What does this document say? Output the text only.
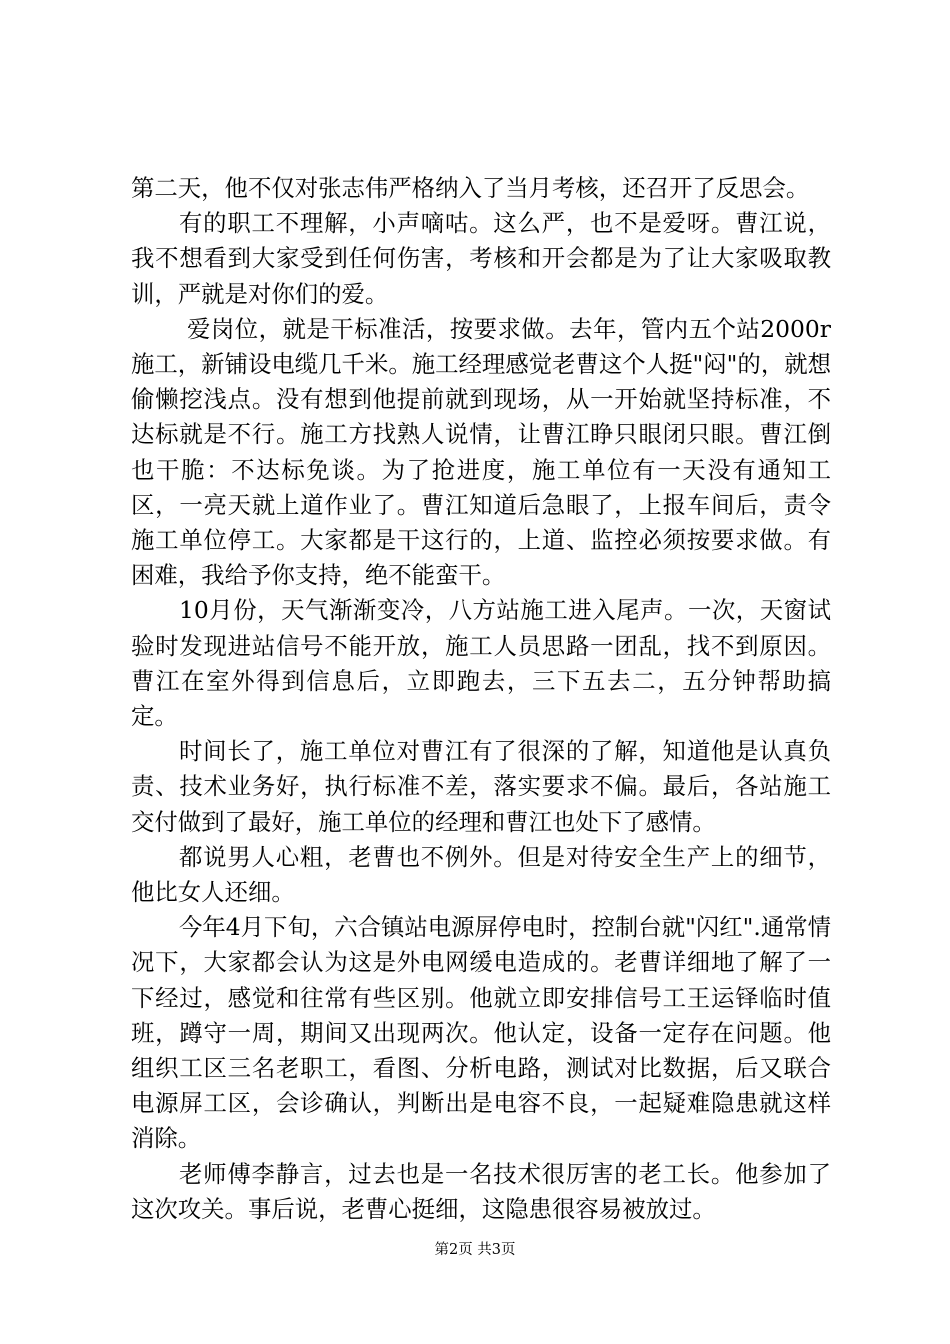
第二天，他不仅对张志伟严格纳入了当月考核，还召开了反思会。

有的职工不理解，小声嘀咕。这么严，也不是爱呀。曹江说，我不想看到大家受到任何伤害，考核和开会都是为了让大家吸取教训，严就是对你们的爱。

爱岗位，就是干标准活，按要求做。去年，管内五个站2000r施工，新铺设电缆几千米。施工经理感觉老曹这个人挺"闷"的，就想偷懒挖浅点。没有想到他提前就到现场，从一开始就坚持标准，不达标就是不行。施工方找熟人说情，让曹江睁只眼闭只眼。曹江倒也干脆：不达标免谈。为了抢进度，施工单位有一天没有通知工区，一亮天就上道作业了。曹江知道后急眼了，上报车间后，责令施工单位停工。大家都是干这行的，上道、监控必须按要求做。有困难，我给予你支持，绝不能蛮干。

10月份，天气渐渐变冷，八方站施工进入尾声。一次，天窗试验时发现进站信号不能开放，施工人员思路一团乱，找不到原因。曹江在室外得到信息后，立即跑去，三下五去二，五分钟帮助搞定。

时间长了，施工单位对曹江有了很深的了解，知道他是认真负责、技术业务好，执行标准不差，落实要求不偏。最后，各站施工交付做到了最好，施工单位的经理和曹江也处下了感情。

都说男人心粗，老曹也不例外。但是对待安全生产上的细节，他比女人还细。

今年4月下旬，六合镇站电源屏停电时，控制台就"闪红".通常情况下，大家都会认为这是外电网缓电造成的。老曹详细地了解了一下经过，感觉和往常有些区别。他就立即安排信号工王运铎临时值班，蹲守一周，期间又出现两次。他认定，设备一定存在问题。他组织工区三名老职工，看图、分析电路，测试对比数据，后又联合电源屏工区，会诊确认，判断出是电容不良，一起疑难隐患就这样消除。

老师傅李静言，过去也是一名技术很厉害的老工长。他参加了这次攻关。事后说，老曹心挺细，这隐患很容易被放过。

第2页 共3页
